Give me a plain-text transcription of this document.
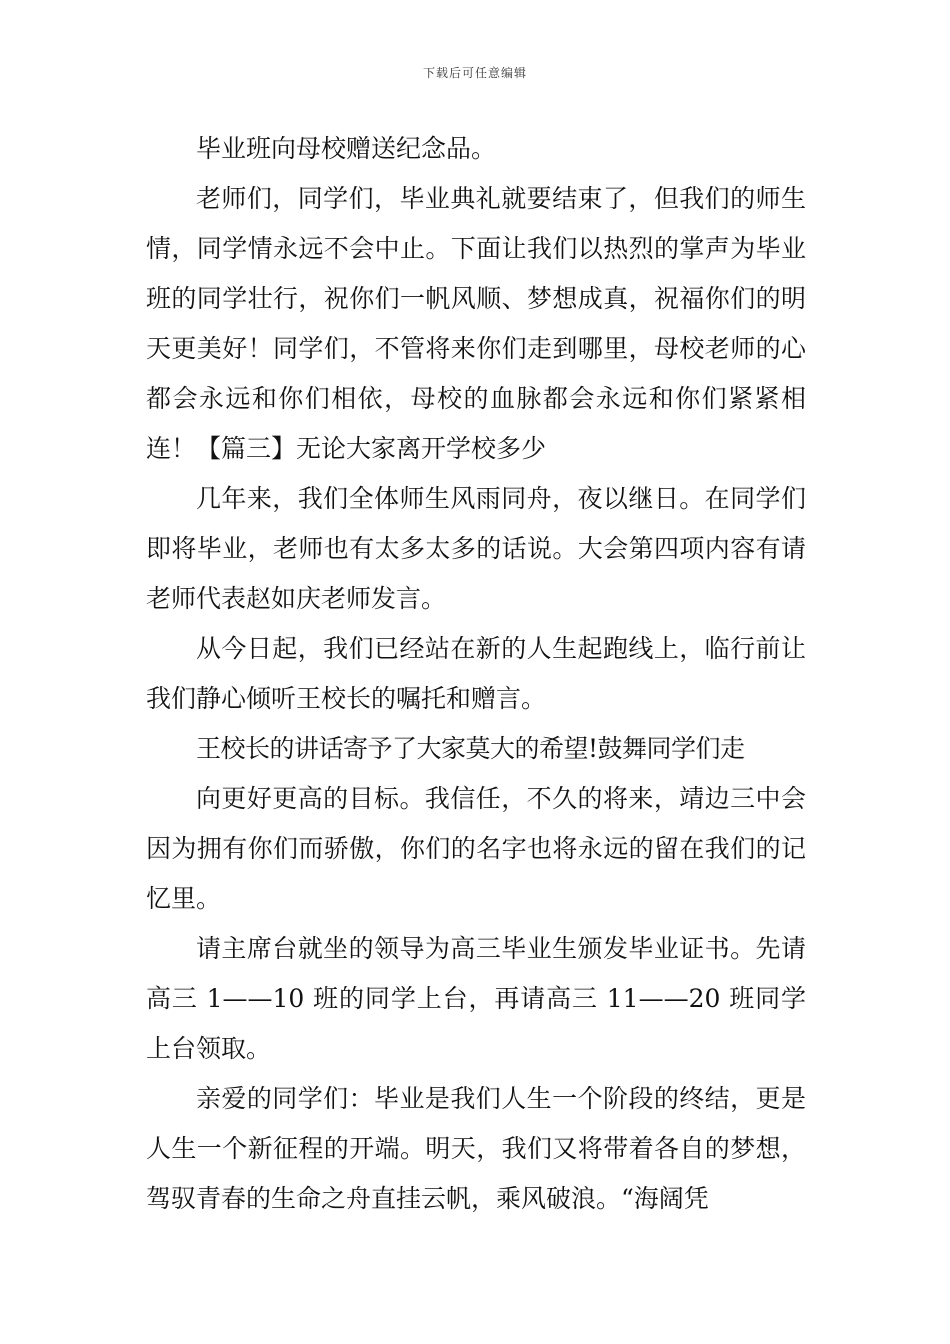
下载后可任意编辑

毕业班向母校赠送纪念品。

老师们，同学们，毕业典礼就要结束了，但我们的师生情，同学情永远不会中止。下面让我们以热烈的掌声为毕业班的同学壮行，祝你们一帆风顺、梦想成真，祝福你们的明天更美好！同学们，不管将来你们走到哪里，母校老师的心都会永远和你们相依，母校的血脉都会永远和你们紧紧相连！【篇三】无论大家离开学校多少

几年来，我们全体师生风雨同舟，夜以继日。在同学们即将毕业，老师也有太多太多的话说。大会第四项内容有请老师代表赵如庆老师发言。

从今日起，我们已经站在新的人生起跑线上，临行前让我们静心倾听王校长的嘱托和赠言。

王校长的讲话寄予了大家莫大的希望!鼓舞同学们走

向更好更高的目标。我信任，不久的将来，靖边三中会因为拥有你们而骄傲，你们的名字也将永远的留在我们的记忆里。

请主席台就坐的领导为高三毕业生颁发毕业证书。先请高三 1——10 班的同学上台，再请高三 11——20 班同学上台领取。

亲爱的同学们：毕业是我们人生一个阶段的终结，更是人生一个新征程的开端。明天，我们又将带着各自的梦想，驾驭青春的生命之舟直挂云帆，乘风破浪。“海阔凭
